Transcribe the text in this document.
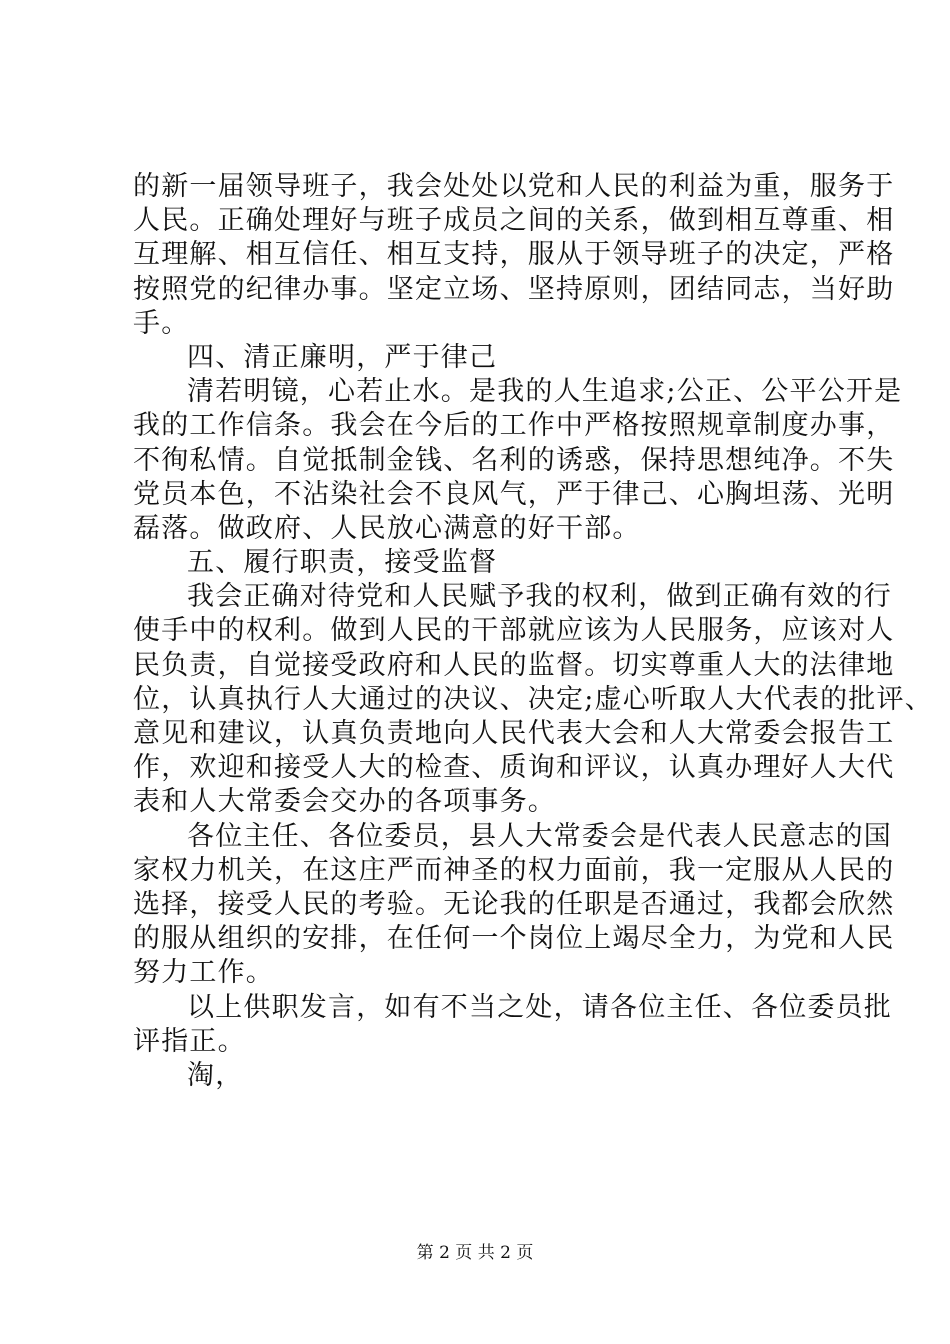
的新一届领导班子，我会处处以党和人民的利益为重，服务于
人民。正确处理好与班子成员之间的关系，做到相互尊重、相
互理解、相互信任、相互支持，服从于领导班子的决定，严格
按照党的纪律办事。坚定立场、坚持原则，团结同志，当好助
手。
四、清正廉明，严于律己
清若明镜，心若止水。是我的人生追求;公正、公平公开是
我的工作信条。我会在今后的工作中严格按照规章制度办事，
不徇私情。自觉抵制金钱、名利的诱惑，保持思想纯净。不失
党员本色，不沾染社会不良风气，严于律己、心胸坦荡、光明
磊落。做政府、人民放心满意的好干部。
五、履行职责，接受监督
我会正确对待党和人民赋予我的权利，做到正确有效的行
使手中的权利。做到人民的干部就应该为人民服务，应该对人
民负责，自觉接受政府和人民的监督。切实尊重人大的法律地
位，认真执行人大通过的决议、决定;虚心听取人大代表的批评、
意见和建议，认真负责地向人民代表大会和人大常委会报告工
作，欢迎和接受人大的检查、质询和评议，认真办理好人大代
表和人大常委会交办的各项事务。
各位主任、各位委员，县人大常委会是代表人民意志的国
家权力机关，在这庄严而神圣的权力面前，我一定服从人民的
选择，接受人民的考验。无论我的任职是否通过，我都会欣然
的服从组织的安排，在任何一个岗位上竭尽全力，为党和人民
努力工作。
以上供职发言，如有不当之处，请各位主任、各位委员批
评指正。
淘，
第 2 页 共 2 页
